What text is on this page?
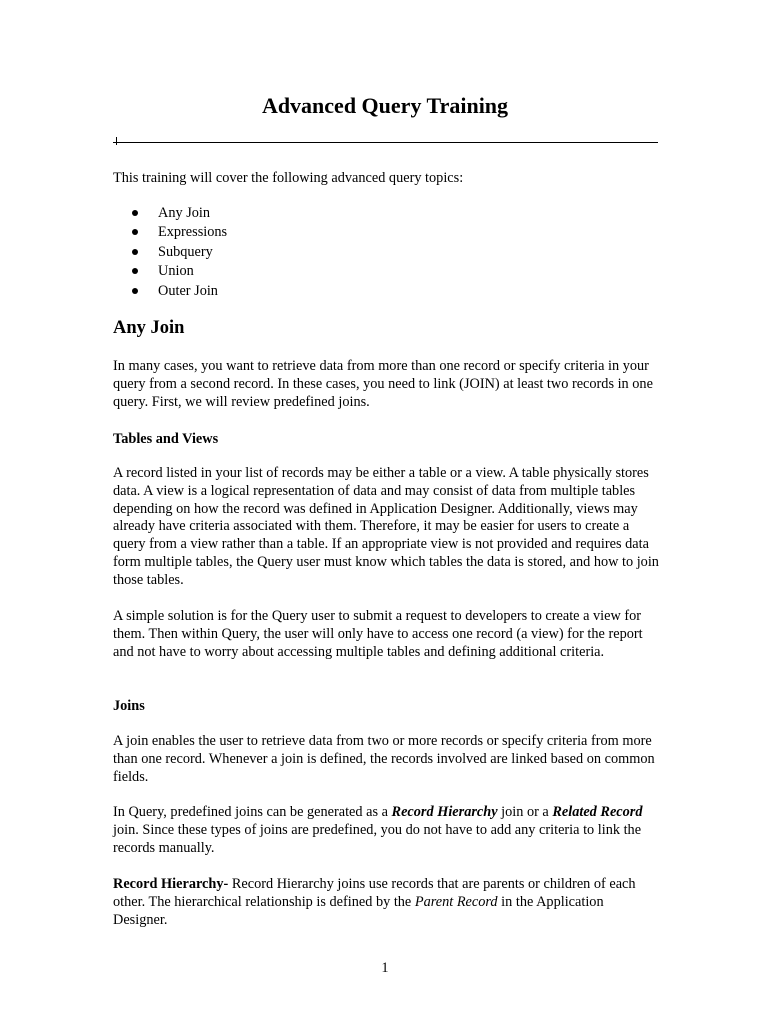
Advanced Query Training
This training will cover the following advanced query topics:
Any Join
Expressions
Subquery
Union
Outer Join
Any Join
In many cases, you want to retrieve data from more than one record or specify criteria in your query from a second record. In these cases, you need to link (JOIN) at least two records in one query. First, we will review predefined joins.
Tables and Views
A record listed in your list of records may be either a table or a view. A table physically stores data. A view is a logical representation of data and may consist of data from multiple tables depending on how the record was defined in Application Designer. Additionally, views may already have criteria associated with them. Therefore, it may be easier for users to create a query from a view rather than a table. If an appropriate view is not provided and requires data form multiple tables, the Query user must know which tables the data is stored, and how to join those tables.
A simple solution is for the Query user to submit a request to developers to create a view for them. Then within Query, the user will only have to access one record (a view) for the report and not have to worry about accessing multiple tables and defining additional criteria.
Joins
A join enables the user to retrieve data from two or more records or specify criteria from more than one record. Whenever a join is defined, the records involved are linked based on common fields.
In Query, predefined joins can be generated as a Record Hierarchy join or a Related Record join. Since these types of joins are predefined, you do not have to add any criteria to link the records manually.
Record Hierarchy- Record Hierarchy joins use records that are parents or children of each other. The hierarchical relationship is defined by the Parent Record in the Application Designer.
1
